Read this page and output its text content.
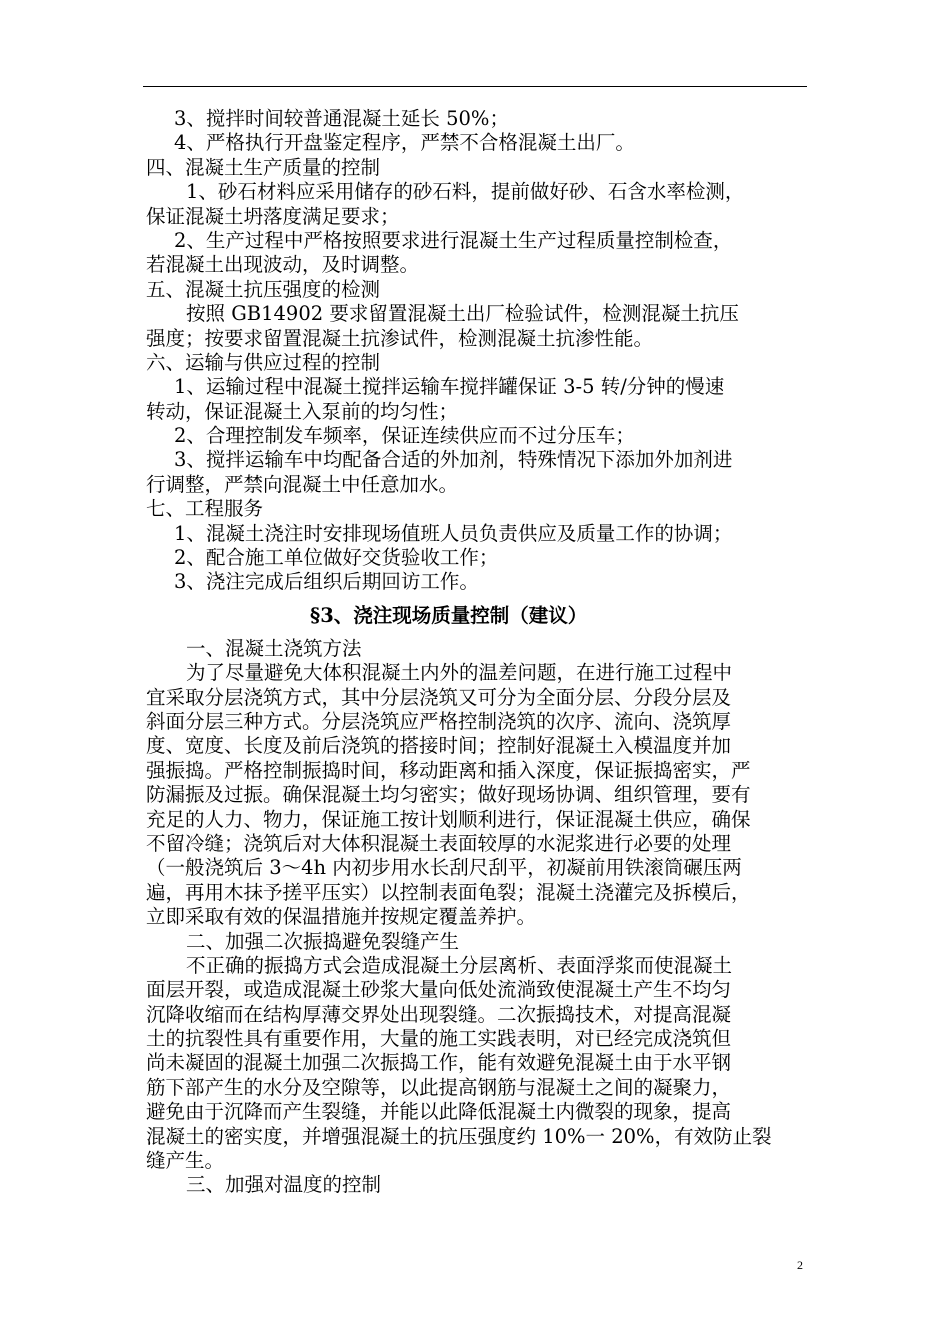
3、搅拌时间较普通混凝土延长 50%；
4、严格执行开盘鉴定程序，严禁不合格混凝土出厂。
四、混凝土生产质量的控制
1、砂石材料应采用储存的砂石料，提前做好砂、石含水率检测，
保证混凝土坍落度满足要求；
2、生产过程中严格按照要求进行混凝土生产过程质量控制检查，
若混凝土出现波动，及时调整。
五、混凝土抗压强度的检测
按照 GB14902 要求留置混凝土出厂检验试件，检测混凝土抗压
强度；按要求留置混凝土抗渗试件，检测混凝土抗渗性能。
六、运输与供应过程的控制
1、运输过程中混凝土搅拌运输车搅拌罐保证 3-5 转/分钟的慢速
转动，保证混凝土入泵前的均匀性；
2、合理控制发车频率，保证连续供应而不过分压车；
3、搅拌运输车中均配备合适的外加剂，特殊情况下添加外加剂进
行调整，严禁向混凝土中任意加水。
七、工程服务
1、混凝土浇注时安排现场值班人员负责供应及质量工作的协调；
2、配合施工单位做好交货验收工作；
3、浇注完成后组织后期回访工作。
§3、浇注现场质量控制（建议）
一、混凝土浇筑方法
为了尽量避免大体积混凝土内外的温差问题，在进行施工过程中
宜采取分层浇筑方式，其中分层浇筑又可分为全面分层、分段分层及
斜面分层三种方式。分层浇筑应严格控制浇筑的次序、流向、浇筑厚
度、宽度、长度及前后浇筑的搭接时间；控制好混凝土入模温度并加
强振捣。严格控制振捣时间，移动距离和插入深度，保证振捣密实，严
防漏振及过振。确保混凝土均匀密实；做好现场协调、组织管理，要有
充足的人力、物力，保证施工按计划顺利进行，保证混凝土供应，确保
不留冷缝；浇筑后对大体积混凝土表面较厚的水泥浆进行必要的处理
（一般浇筑后 3～4h 内初步用水长刮尺刮平，初凝前用铁滚筒碾压两
遍，再用木抹予搓平压实）以控制表面龟裂；混凝土浇灌完及拆模后，
立即采取有效的保温措施并按规定覆盖养护。
二、加强二次振捣避免裂缝产生
不正确的振捣方式会造成混凝土分层离析、表面浮浆而使混凝土
面层开裂，或造成混凝土砂浆大量向低处流淌致使混凝土产生不均匀
沉降收缩而在结构厚薄交界处出现裂缝。二次振捣技术，对提高混凝
土的抗裂性具有重要作用，大量的施工实践表明，对已经完成浇筑但
尚未凝固的混凝土加强二次振捣工作，能有效避免混凝土由于水平钢
筋下部产生的水分及空隙等，以此提高钢筋与混凝土之间的凝聚力，
避免由于沉降而产生裂缝，并能以此降低混凝土内微裂的现象，提高
混凝土的密实度，并增强混凝土的抗压强度约 10%一 20%，有效防止裂
缝产生。
三、加强对温度的控制
2
